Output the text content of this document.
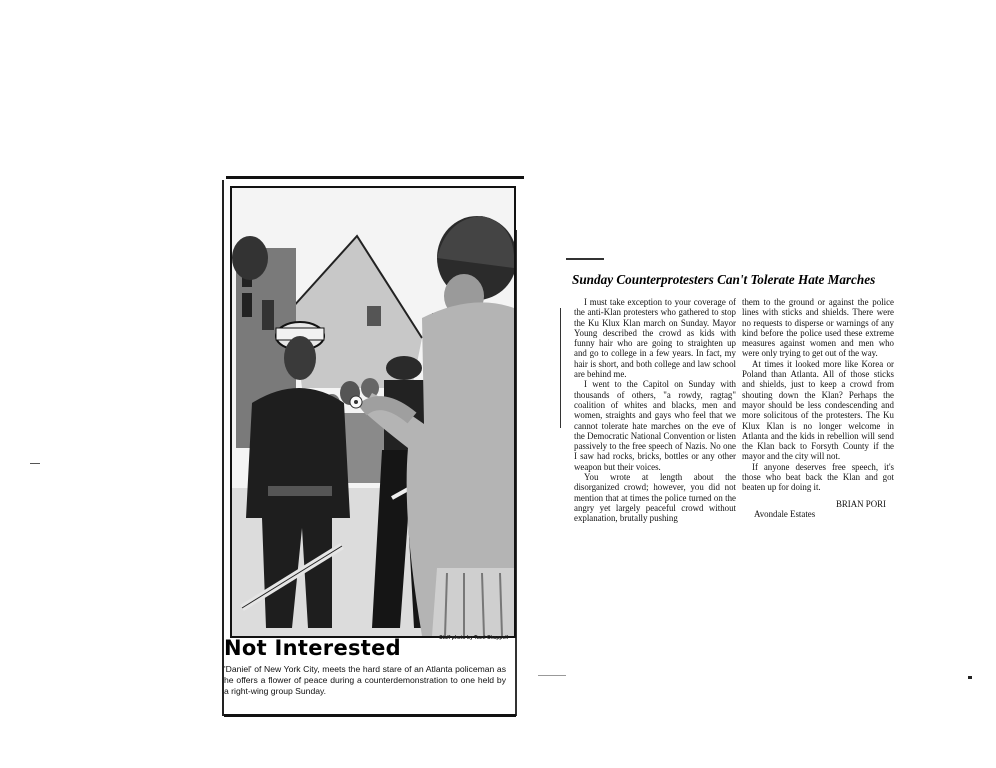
Staff photo by Tami Chappell
Not Interested
'Daniel' of New York City, meets the hard stare of an Atlanta policeman as he offers a flower of peace during a counterdemonstration to one held by a right-wing group Sunday.
Sunday Counterprotesters Can't Tolerate Hate Marches

I must take exception to your coverage of the anti-Klan protesters who gathered to stop the Ku Klux Klan march on Sunday. Mayor Young described the crowd as kids with funny hair who are going to straighten up and go to college in a few years. In fact, my hair is short, and both college and law school are behind me.

I went to the Capitol on Sunday with thousands of others, "a rowdy, ragtag" coalition of whites and blacks, men and women, straights and gays who feel that we cannot tolerate hate marches on the eve of the Democratic National Convention or listen passively to the free speech of Nazis. No one I saw had rocks, bricks, bottles or any other weapon but their voices.

You wrote at length about the disorganized crowd; however, you did not mention that at times the police turned on the angry yet largely peaceful crowd without explanation, brutally pushing

them to the ground or against the police lines with sticks and shields. There were no requests to disperse or warnings of any kind before the police used these extreme measures against women and men who were only trying to get out of the way.

At times it looked more like Korea or Poland than Atlanta. All of those sticks and shields, just to keep a crowd from shouting down the Klan? Perhaps the mayor should be less condescending and more solicitous of the protesters. The Ku Klux Klan is no longer welcome in Atlanta and the kids in rebellion will send the Klan back to Forsyth County if the mayor and the city will not.

If anyone deserves free speech, it's those who beat back the Klan and got beaten up for doing it.

BRIAN PORI

Avondale Estates
